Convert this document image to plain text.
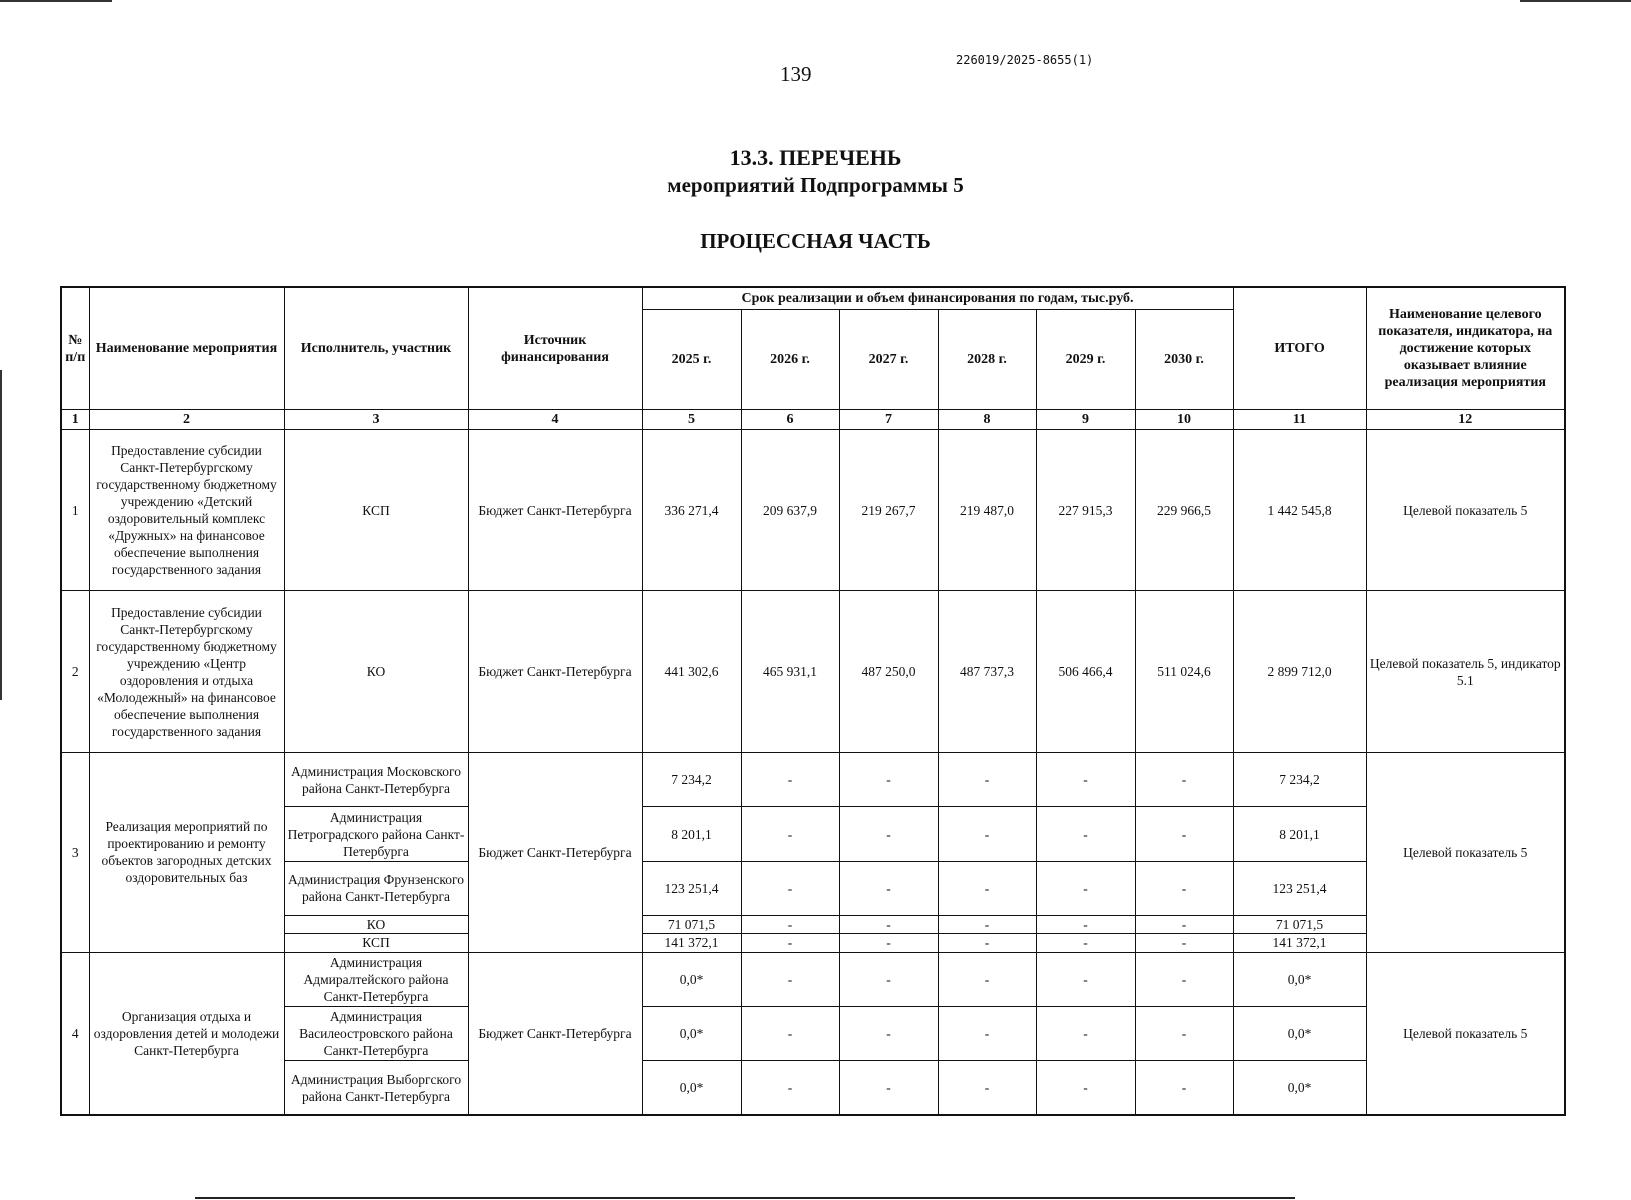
139
226019/2025-8655(1)
13.3. ПЕРЕЧЕНЬ
мероприятий Подпрограммы 5
ПРОЦЕССНАЯ ЧАСТЬ
№ п/п	Наименование мероприятия	Исполнитель, участник	Источник финансирования	Срок реализации и объем финансирования по годам, тыс.руб.						ИТОГО	Наименование целевого показателя, индикатора, на достижение которых оказывает влияние реализация мероприятия
				2025 г.	2026 г.	2027 г.	2028 г.	2029 г.	2030 г.		
1	2	3	4	5	6	7	8	9	10	11	12
1	Предоставление субсидии Санкт-Петербургскому государственному бюджетному учреждению «Детский оздоровительный комплекс «Дружных» на финансовое обеспечение выполнения государственного задания	КСП	Бюджет Санкт-Петербурга	336 271,4	209 637,9	219 267,7	219 487,0	227 915,3	229 966,5	1 442 545,8	Целевой показатель 5
2	Предоставление субсидии Санкт-Петербургскому государственному бюджетному учреждению «Центр оздоровления и отдыха «Молодежный» на финансовое обеспечение выполнения государственного задания	КО	Бюджет Санкт-Петербурга	441 302,6	465 931,1	487 250,0	487 737,3	506 466,4	511 024,6	2 899 712,0	Целевой показатель 5, индикатор 5.1
3	Реализация мероприятий по проектированию и ремонту объектов загородных детских оздоровительных баз	Администрация Московского района Санкт-Петербурга	Бюджет Санкт-Петербурга	7 234,2	-	-	-	-	-	7 234,2	Целевой показатель 5
		Администрация Петроградского района Санкт-Петербурга		8 201,1	-	-	-	-	-	8 201,1	
		Администрация Фрунзенского района Санкт-Петербурга		123 251,4	-	-	-	-	-	123 251,4	
		КО		71 071,5	-	-	-	-	-	71 071,5	
		КСП		141 372,1	-	-	-	-	-	141 372,1	
4	Организация отдыха и оздоровления детей и молодежи Санкт-Петербурга	Администрация Адмиралтейского района Санкт-Петербурга	Бюджет Санкт-Петербурга	0,0*	-	-	-	-	-	0,0*	Целевой показатель 5
		Администрация Василеостровского района Санкт-Петербурга		0,0*	-	-	-	-	-	0,0*	
		Администрация Выборгского района Санкт-Петербурга		0,0*	-	-	-	-	-	0,0*	
